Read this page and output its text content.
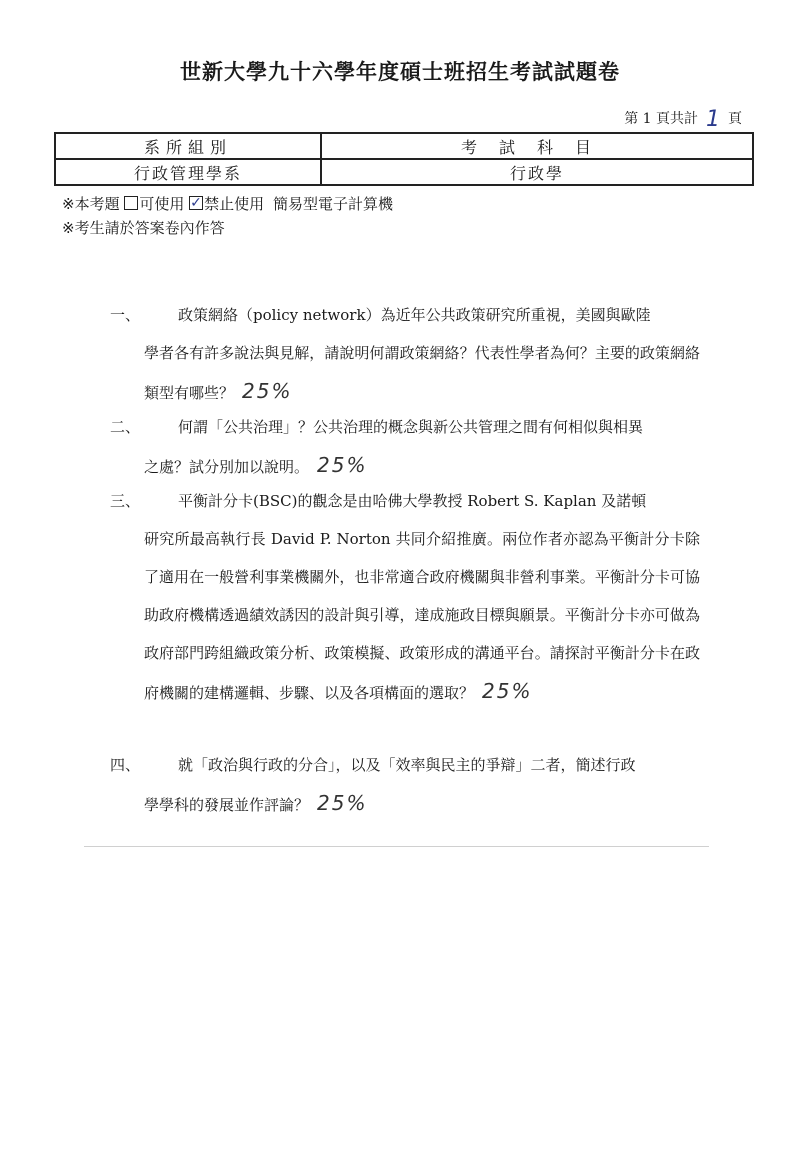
世新大學九十六學年度碩士班招生考試試題卷
第 1 頁共計 1 頁
系所組別	考試科目
行政管理學系	行政學
※本考題 可使用 ✓ 禁止使用 簡易型電子計算機
※考生請於答案卷內作答
一、	政策網絡（policy network）為近年公共政策研究所重視，美國與歐陸
學者各有許多說法與見解，請說明何謂政策網絡？代表性學者為何？主要的政策網絡類型有哪些？ 25%
二、	何謂「公共治理」？公共治理的概念與新公共管理之間有何相似與相異
之處？試分別加以說明。 25%
三、	平衡計分卡(BSC)的觀念是由哈佛大學教授 Robert S. Kaplan 及諾頓
研究所最高執行長 David P. Norton 共同介紹推廣。兩位作者亦認為平衡計分卡除了適用在一般營利事業機關外，也非常適合政府機關與非營利事業。平衡計分卡可協助政府機構透過績效誘因的設計與引導，達成施政目標與願景。平衡計分卡亦可做為政府部門跨組織政策分析、政策模擬、政策形成的溝通平台。請探討平衡計分卡在政府機關的建構邏輯、步驟、以及各項構面的選取？ 25%
四、	就「政治與行政的分合」，以及「效率與民主的爭辯」二者，簡述行政
學學科的發展並作評論？ 25%
